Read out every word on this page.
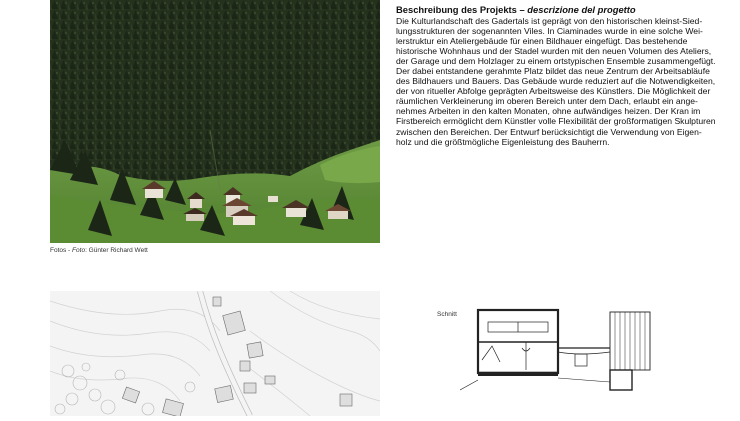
Fotos - Foto: Günter Richard Wett
Beschreibung des Projekts – descrizione del progetto
Die Kulturlandschaft des Gadertals ist geprägt von den historischen kleinst-Sied-
lungsstrukturen der sogenannten Viles. In Ciaminades wurde in eine solche Wei-
lerstruktur ein Ateliergebäude für einen Bildhauer eingefügt. Das bestehende
historische Wohnhaus und der Stadel wurden mit den neuen Volumen des Ateliers,
der Garage und dem Holzlager zu einem ortstypischen Ensemble zusammengefügt.
Der dabei entstandene gerahmte Platz bildet das neue Zentrum der Arbeitsabläufe
des Bildhauers und Bauers. Das Gebäude wurde reduziert auf die Notwendigkeiten,
der von ritueller Abfolge geprägten Arbeitsweise des Künstlers. Die Möglichkeit der
räumlichen Verkleinerung im oberen Bereich unter dem Dach, erlaubt ein ange-
nehmes Arbeiten in den kalten Monaten, ohne aufwändiges heizen. Der Kran im
Firstbereich ermöglicht dem Künstler volle Flexibilität der großformatigen Skulpturen
zwischen den Bereichen. Der Entwurf berücksichtigt die Verwendung von Eigen-
holz und die größtmögliche Eigenleistung des Bauherrn.
Schnitt
